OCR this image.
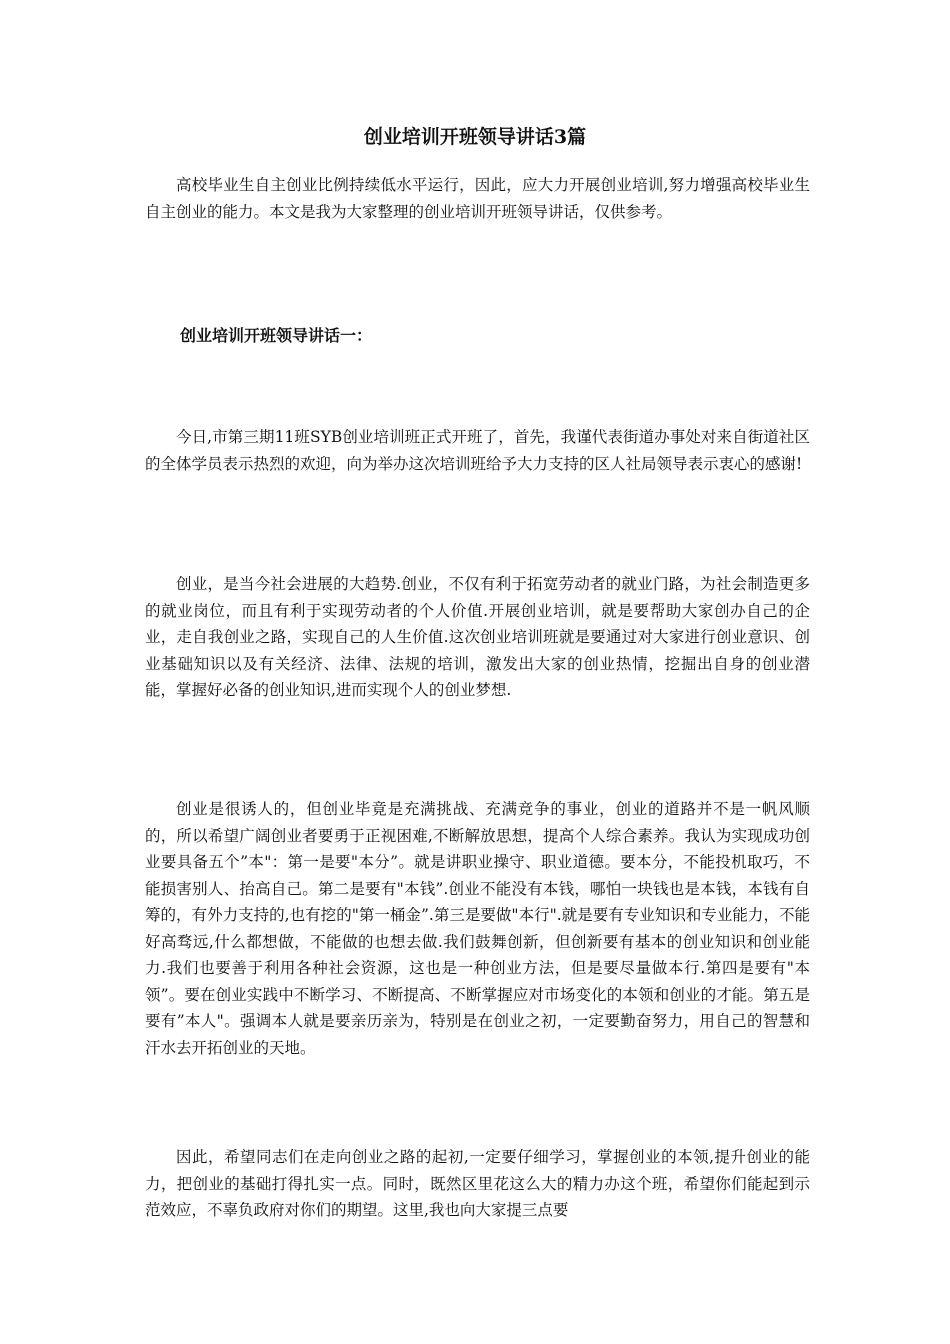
创业培训开班领导讲话3篇

高校毕业生自主创业比例持续低水平运行，因此，应大力开展创业培训,努力增强高校毕业生自主创业的能力。本文是我为大家整理的创业培训开班领导讲话，仅供参考。

创业培训开班领导讲话一：

今日,市第三期11班SYB创业培训班正式开班了，首先，我谨代表街道办事处对来自街道社区的全体学员表示热烈的欢迎，向为举办这次培训班给予大力支持的区人社局领导表示衷心的感谢!

创业，是当今社会进展的大趋势.创业，不仅有利于拓宽劳动者的就业门路，为社会制造更多的就业岗位，而且有利于实现劳动者的个人价值.开展创业培训，就是要帮助大家创办自己的企业，走自我创业之路，实现自己的人生价值.这次创业培训班就是要通过对大家进行创业意识、创业基础知识以及有关经济、法律、法规的培训，激发出大家的创业热情，挖掘出自身的创业潜能，掌握好必备的创业知识,进而实现个人的创业梦想.

创业是很诱人的，但创业毕竟是充满挑战、充满竞争的事业，创业的道路并不是一帆风顺的，所以希望广阔创业者要勇于正视困难,不断解放思想，提高个人综合素养。我认为实现成功创业要具备五个”本"：第一是要"本分”。就是讲职业操守、职业道德。要本分，不能投机取巧，不能损害别人、抬高自己。第二是要有"本钱”.创业不能没有本钱，哪怕一块钱也是本钱，本钱有自筹的，有外力支持的,也有挖的"第一桶金”.第三是要做"本行".就是要有专业知识和专业能力，不能好高骛远,什么都想做，不能做的也想去做.我们鼓舞创新，但创新要有基本的创业知识和创业能力.我们也要善于利用各种社会资源，这也是一种创业方法，但是要尽量做本行.第四是要有"本领”。要在创业实践中不断学习、不断提高、不断掌握应对市场变化的本领和创业的才能。第五是要有”本人"。强调本人就是要亲历亲为，特别是在创业之初，一定要勤奋努力，用自己的智慧和汗水去开拓创业的天地。

因此，希望同志们在走向创业之路的起初,一定要仔细学习，掌握创业的本领,提升创业的能力，把创业的基础打得扎实一点。同时，既然区里花这么大的精力办这个班，希望你们能起到示范效应，不辜负政府对你们的期望。这里,我也向大家提三点要
